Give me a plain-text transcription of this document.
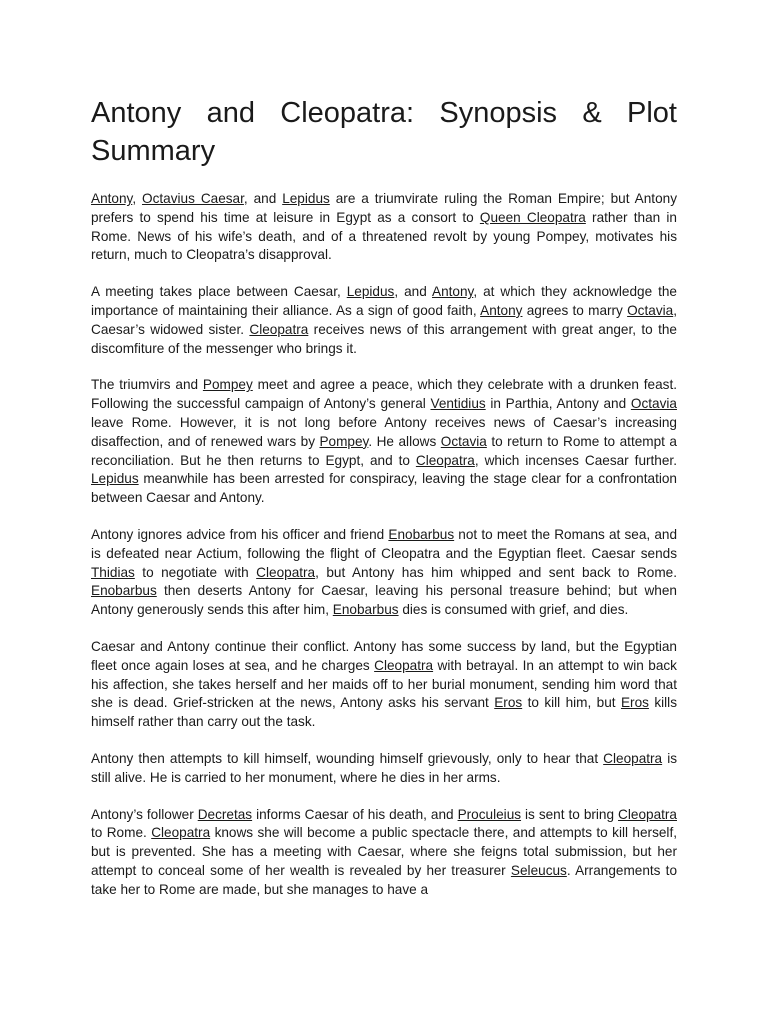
Antony and Cleopatra: Synopsis & Plot
Summary

Antony, Octavius Caesar, and Lepidus are a triumvirate ruling the Roman Empire; but Antony prefers to spend his time at leisure in Egypt as a consort to Queen Cleopatra rather than in Rome. News of his wife’s death, and of a threatened revolt by young Pompey, motivates his return, much to Cleopatra’s disapproval.

A meeting takes place between Caesar, Lepidus, and Antony, at which they acknowledge the importance of maintaining their alliance. As a sign of good faith, Antony agrees to marry Octavia, Caesar’s widowed sister. Cleopatra receives news of this arrangement with great anger, to the discomfiture of the messenger who brings it.

The triumvirs and Pompey meet and agree a peace, which they celebrate with a drunken feast. Following the successful campaign of Antony’s general Ventidius in Parthia, Antony and Octavia leave Rome. However, it is not long before Antony receives news of Caesar’s increasing disaffection, and of renewed wars by Pompey. He allows Octavia to return to Rome to attempt a reconciliation. But he then returns to Egypt, and to Cleopatra, which incenses Caesar further. Lepidus meanwhile has been arrested for conspiracy, leaving the stage clear for a confrontation between Caesar and Antony.

Antony ignores advice from his officer and friend Enobarbus not to meet the Romans at sea, and is defeated near Actium, following the flight of Cleopatra and the Egyptian fleet. Caesar sends Thidias to negotiate with Cleopatra, but Antony has him whipped and sent back to Rome. Enobarbus then deserts Antony for Caesar, leaving his personal treasure behind; but when Antony generously sends this after him, Enobarbus dies is consumed with grief, and dies.

Caesar and Antony continue their conflict. Antony has some success by land, but the Egyptian fleet once again loses at sea, and he charges Cleopatra with betrayal. In an attempt to win back his affection, she takes herself and her maids off to her burial monument, sending him word that she is dead. Grief-stricken at the news, Antony asks his servant Eros to kill him, but Eros kills himself rather than carry out the task.

Antony then attempts to kill himself, wounding himself grievously, only to hear that Cleopatra is still alive. He is carried to her monument, where he dies in her arms.

Antony’s follower Decretas informs Caesar of his death, and Proculeius is sent to bring Cleopatra to Rome. Cleopatra knows she will become a public spectacle there, and attempts to kill herself, but is prevented. She has a meeting with Caesar, where she feigns total submission, but her attempt to conceal some of her wealth is revealed by her treasurer Seleucus. Arrangements to take her to Rome are made, but she manages to have a
